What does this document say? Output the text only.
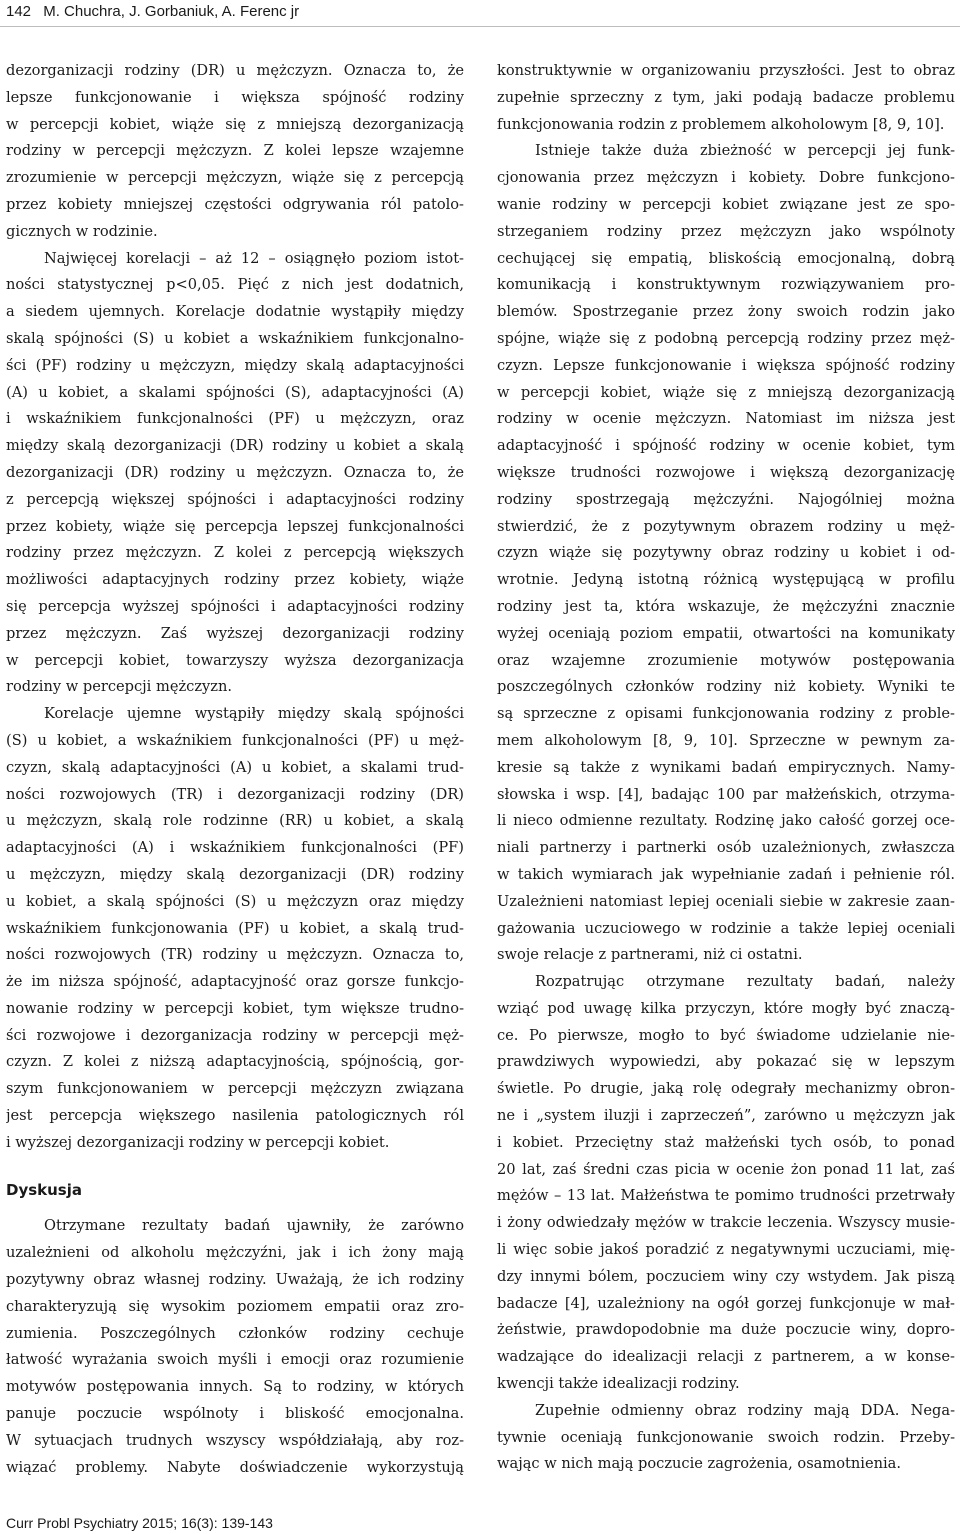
142 M. Chuchra, J. Gorbaniuk, A. Ferenc jr
dezorganizacji rodziny (DR) u mężczyzn. Oznacza to, że
lepsze funkcjonowanie i większa spójność rodziny
w percepcji kobiet, wiąże się z mniejszą dezorganizacją
rodziny w percepcji mężczyzn. Z kolei lepsze wzajemne
zrozumienie w percepcji mężczyzn, wiąże się z percepcją
przez kobiety mniejszej częstości odgrywania ról patolo-
gicznych w rodzinie.
Najwięcej korelacji – aż 12 – osiągnęło poziom istot-
ności statystycznej p<0,05. Pięć z nich jest dodatnich,
a siedem ujemnych. Korelacje dodatnie wystąpiły między
skalą spójności (S) u kobiet a wskaźnikiem funkcjonalno-
ści (PF) rodziny u mężczyzn, między skalą adaptacyjności
(A) u kobiet, a skalami spójności (S), adaptacyjności (A)
i wskaźnikiem funkcjonalności (PF) u mężczyzn, oraz
między skalą dezorganizacji (DR) rodziny u kobiet a skalą
dezorganizacji (DR) rodziny u mężczyzn. Oznacza to, że
z percepcją większej spójności i adaptacyjności rodziny
przez kobiety, wiąże się percepcja lepszej funkcjonalności
rodziny przez mężczyzn. Z kolei z percepcją większych
możliwości adaptacyjnych rodziny przez kobiety, wiąże
się percepcja wyższej spójności i adaptacyjności rodziny
przez mężczyzn. Zaś wyższej dezorganizacji rodziny
w percepcji kobiet, towarzyszy wyższa dezorganizacja
rodziny w percepcji mężczyzn.
Korelacje ujemne wystąpiły między skalą spójności
(S) u kobiet, a wskaźnikiem funkcjonalności (PF) u męż-
czyzn, skalą adaptacyjności (A) u kobiet, a skalami trud-
ności rozwojowych (TR) i dezorganizacji rodziny (DR)
u mężczyzn, skalą role rodzinne (RR) u kobiet, a skalą
adaptacyjności (A) i wskaźnikiem funkcjonalności (PF)
u mężczyzn, między skalą dezorganizacji (DR) rodziny
u kobiet, a skalą spójności (S) u mężczyzn oraz między
wskaźnikiem funkcjonowania (PF) u kobiet, a skalą trud-
ności rozwojowych (TR) rodziny u mężczyzn. Oznacza to,
że im niższa spójność, adaptacyjność oraz gorsze funkcjo-
nowanie rodziny w percepcji kobiet, tym większe trudno-
ści rozwojowe i dezorganizacja rodziny w percepcji męż-
czyzn. Z kolei z niższą adaptacyjnością, spójnością, gor-
szym funkcjonowaniem w percepcji mężczyzn związana
jest percepcja większego nasilenia patologicznych ról
i wyższej dezorganizacji rodziny w percepcji kobiet.
Dyskusja
Otrzymane rezultaty badań ujawniły, że zarówno
uzależnieni od alkoholu mężczyźni, jak i ich żony mają
pozytywny obraz własnej rodziny. Uważają, że ich rodziny
charakteryzują się wysokim poziomem empatii oraz zro-
zumienia. Poszczególnych członków rodziny cechuje
łatwość wyrażania swoich myśli i emocji oraz rozumienie
motywów postępowania innych. Są to rodziny, w których
panuje poczucie wspólnoty i bliskość emocjonalna.
W sytuacjach trudnych wszyscy współdziałają, aby roz-
wiązać problemy. Nabyte doświadczenie wykorzystują
konstruktywnie w organizowaniu przyszłości. Jest to obraz
zupełnie sprzeczny z tym, jaki podają badacze problemu
funkcjonowania rodzin z problemem alkoholowym [8, 9, 10].
Istnieje także duża zbieżność w percepcji jej funk-
cjonowania przez mężczyzn i kobiety. Dobre funkcjono-
wanie rodziny w percepcji kobiet związane jest ze spo-
strzeganiem rodziny przez mężczyzn jako wspólnoty
cechującej się empatią, bliskością emocjonalną, dobrą
komunikacją i konstruktywnym rozwiązywaniem pro-
blemów. Spostrzeganie przez żony swoich rodzin jako
spójne, wiąże się z podobną percepcją rodziny przez męż-
czyzn. Lepsze funkcjonowanie i większa spójność rodziny
w percepcji kobiet, wiąże się z mniejszą dezorganizacją
rodziny w ocenie mężczyzn. Natomiast im niższa jest
adaptacyjność i spójność rodziny w ocenie kobiet, tym
większe trudności rozwojowe i większą dezorganizację
rodziny spostrzegają mężczyźni. Najogólniej można
stwierdzić, że z pozytywnym obrazem rodziny u męż-
czyzn wiąże się pozytywny obraz rodziny u kobiet i od-
wrotnie. Jedyną istotną różnicą występującą w profilu
rodziny jest ta, która wskazuje, że mężczyźni znacznie
wyżej oceniają poziom empatii, otwartości na komunikaty
oraz wzajemne zrozumienie motywów postępowania
poszczególnych członków rodziny niż kobiety. Wyniki te
są sprzeczne z opisami funkcjonowania rodziny z proble-
mem alkoholowym [8, 9, 10]. Sprzeczne w pewnym za-
kresie są także z wynikami badań empirycznych. Namy-
słowska i wsp. [4], badając 100 par małżeńskich, otrzyma-
li nieco odmienne rezultaty. Rodzinę jako całość gorzej oce-
niali partnerzy i partnerki osób uzależnionych, zwłaszcza
w takich wymiarach jak wypełnianie zadań i pełnienie ról.
Uzależnieni natomiast lepiej oceniali siebie w zakresie zaan-
gażowania uczuciowego w rodzinie a także lepiej oceniali
swoje relacje z partnerami, niż ci ostatni.
Rozpatrując otrzymane rezultaty badań, należy
wziąć pod uwagę kilka przyczyn, które mogły być znaczą-
ce. Po pierwsze, mogło to być świadome udzielanie nie-
prawdziwych wypowiedzi, aby pokazać się w lepszym
świetle. Po drugie, jaką rolę odegrały mechanizmy obron-
ne i „system iluzji i zaprzeczeń”, zarówno u mężczyzn jak
i kobiet. Przeciętny staż małżeński tych osób, to ponad
20 lat, zaś średni czas picia w ocenie żon ponad 11 lat, zaś
mężów – 13 lat. Małżeństwa te pomimo trudności przetrwały
i żony odwiedzały mężów w trakcie leczenia. Wszyscy musie-
li więc sobie jakoś poradzić z negatywnymi uczuciami, mię-
dzy innymi bólem, poczuciem winy czy wstydem. Jak piszą
badacze [4], uzależniony na ogół gorzej funkcjonuje w mał-
żeństwie, prawdopodobnie ma duże poczucie winy, dopro-
wadzające do idealizacji relacji z partnerem, a w konse-
kwencji także idealizacji rodziny.
Zupełnie odmienny obraz rodziny mają DDA. Nega-
tywnie oceniają funkcjonowanie swoich rodzin. Przeby-
wając w nich mają poczucie zagrożenia, osamotnienia.
Curr Probl Psychiatry 2015; 16(3): 139-143
